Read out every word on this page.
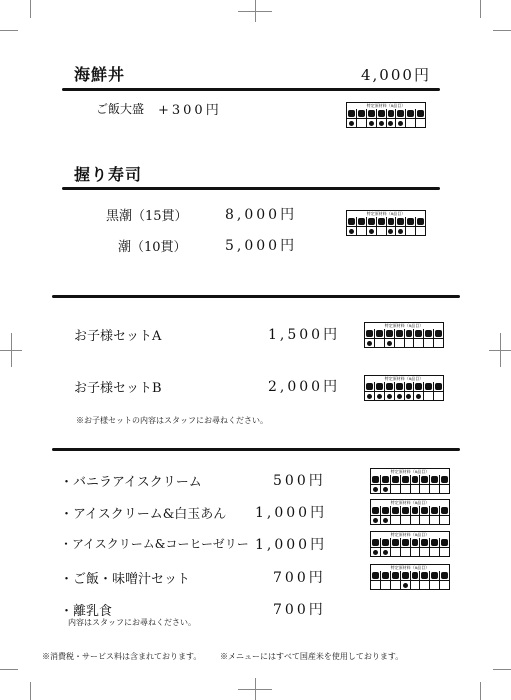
海鮮丼	4,000円
ご飯大盛 +300円	特定原材料（8品目）
握り寿司
黒潮（15貫）	8,000円	特定原材料（8品目）
潮（10貫）	5,000円
お子様セットA	1,500円
特定原材料（8品目）
お子様セットB	2,000円
特定原材料（8品目）
※お子様セットの内容はスタッフにお尋ねください。
・バニラアイスクリーム	500円
特定原材料（8品目）
・アイスクリーム&白玉あん 1,000円
特定原材料（8品目）
・アイスクリーム&コーヒーゼリー 1,000円
特定原材料（8品目）
・ご飯・味噌汁セット	700円
特定原材料（8品目）
・離乳食	700円
内容はスタッフにお尋ねください。
※消費税・サービス料は含まれております。 ※メニューにはすべて国産米を使用しております。
